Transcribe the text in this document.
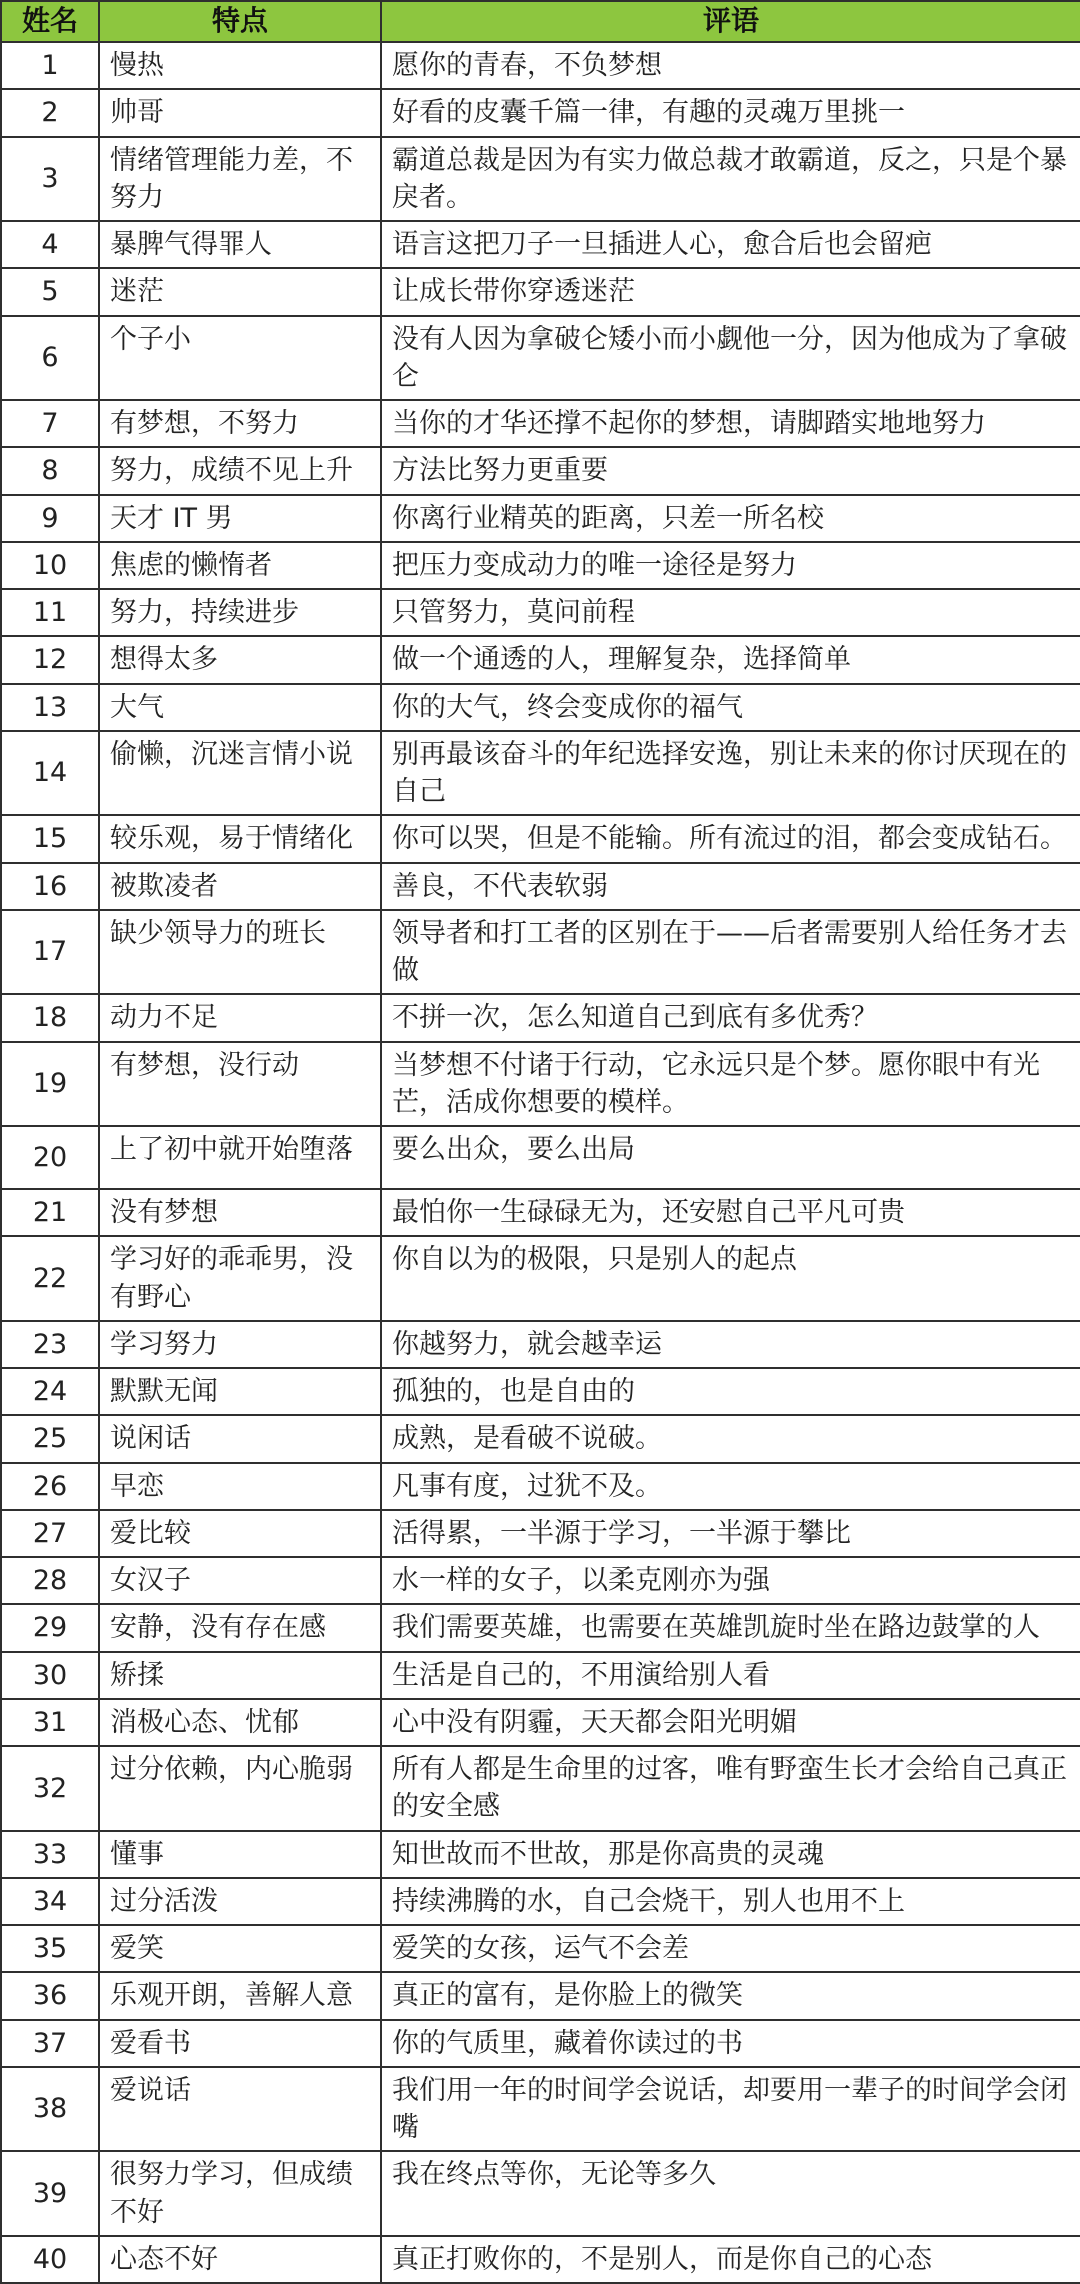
姓名	特点	评语
1	慢热	愿你的青春，不负梦想
2	帅哥	好看的皮囊千篇一律，有趣的灵魂万里挑一
3	情绪管理能力差，不努力	霸道总裁是因为有实力做总裁才敢霸道，反之，只是个暴戾者。
4	暴脾气得罪人	语言这把刀子一旦插进人心，愈合后也会留疤
5	迷茫	让成长带你穿透迷茫
6	个子小	没有人因为拿破仑矮小而小觑他一分，因为他成为了拿破仑
7	有梦想，不努力	当你的才华还撑不起你的梦想，请脚踏实地地努力
8	努力，成绩不见上升	方法比努力更重要
9	天才 IT 男	你离行业精英的距离，只差一所名校
10	焦虑的懒惰者	把压力变成动力的唯一途径是努力
11	努力，持续进步	只管努力，莫问前程
12	想得太多	做一个通透的人，理解复杂，选择简单
13	大气	你的大气，终会变成你的福气
14	偷懒，沉迷言情小说	别再最该奋斗的年纪选择安逸，别让未来的你讨厌现在的自己
15	较乐观，易于情绪化	你可以哭，但是不能输。所有流过的泪，都会变成钻石。
16	被欺凌者	善良，不代表软弱
17	缺少领导力的班长	领导者和打工者的区别在于——后者需要别人给任务才去做
18	动力不足	不拼一次，怎么知道自己到底有多优秀？
19	有梦想，没行动	当梦想不付诸于行动，它永远只是个梦。愿你眼中有光芒，活成你想要的模样。
20	上了初中就开始堕落	要么出众，要么出局
21	没有梦想	最怕你一生碌碌无为，还安慰自己平凡可贵
22	学习好的乖乖男，没有野心	你自以为的极限，只是别人的起点
23	学习努力	你越努力，就会越幸运
24	默默无闻	孤独的，也是自由的
25	说闲话	成熟，是看破不说破。
26	早恋	凡事有度，过犹不及。
27	爱比较	活得累，一半源于学习，一半源于攀比
28	女汉子	水一样的女子，以柔克刚亦为强
29	安静，没有存在感	我们需要英雄，也需要在英雄凯旋时坐在路边鼓掌的人
30	矫揉	生活是自己的，不用演给别人看
31	消极心态、忧郁	心中没有阴霾，天天都会阳光明媚
32	过分依赖，内心脆弱	所有人都是生命里的过客，唯有野蛮生长才会给自己真正的安全感
33	懂事	知世故而不世故，那是你高贵的灵魂
34	过分活泼	持续沸腾的水，自己会烧干，别人也用不上
35	爱笑	爱笑的女孩，运气不会差
36	乐观开朗，善解人意	真正的富有，是你脸上的微笑
37	爱看书	你的气质里，藏着你读过的书
38	爱说话	我们用一年的时间学会说话，却要用一辈子的时间学会闭嘴
39	很努力学习，但成绩不好	我在终点等你，无论等多久
40	心态不好	真正打败你的，不是别人，而是你自己的心态
